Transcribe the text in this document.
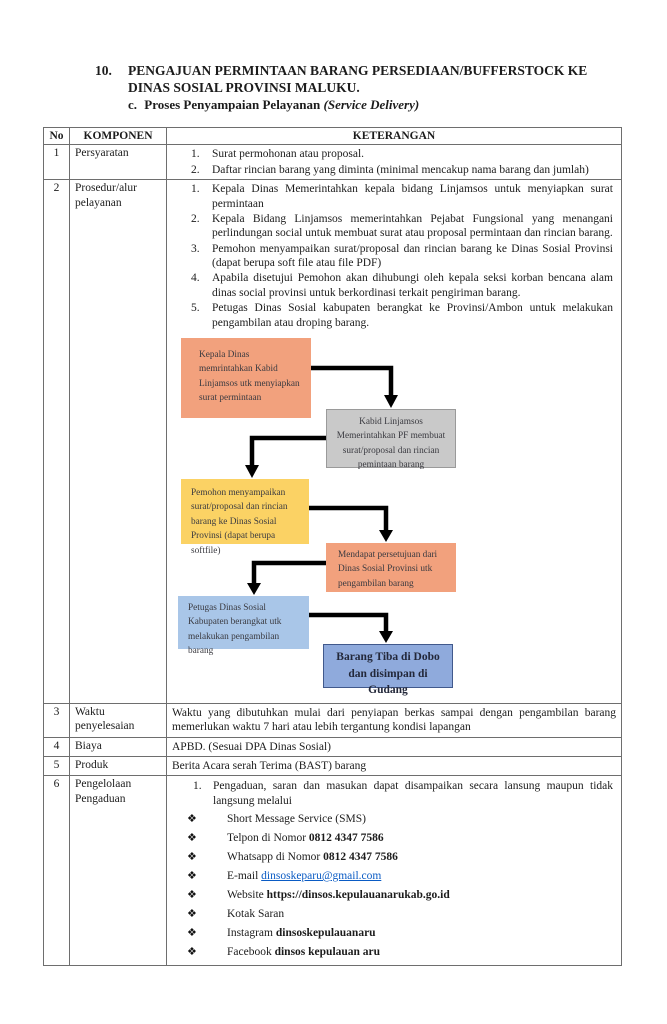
10.	PENGAJUAN PERMINTAAN BARANG PERSEDIAAN/BUFFERSTOCK KE
DINAS SOSIAL PROVINSI MALUKU.
c. Proses Penyampaian Pelayanan (Service Delivery)
No	KOMPONEN	KETERANGAN
1	Persyaratan	Surat permohonan atau proposal.
Daftar rincian barang yang diminta (minimal mencakup nama barang dan jumlah)

2	Prosedur/alur pelayanan	
Kepala Dinas Memerintahkan kepala bidang Linjamsos untuk menyiapkan surat permintaan
Kepala Bidang Linjamsos memerintahkan Pejabat Fungsional yang menangani perlindungan social untuk membuat surat atau proposal permintaan dan rincian barang.
Pemohon menyampaikan surat/proposal dan rincian barang ke Dinas Sosial Provinsi (dapat berupa soft file atau file PDF)
Apabila disetujui Pemohon akan dihubungi oleh kepala seksi korban bencana alam dinas social provinsi untuk berkordinasi terkait pengiriman barang.
Petugas Dinas Sosial kabupaten berangkat ke Provinsi/Ambon untuk melakukan pengambilan atau droping barang.
Kepala Dinas memrintahkan Kabid Linjamsos utk menyiapkan surat permintaan
Kabid Linjamsos Memerintahkan PF membuat surat/proposal dan rincian pemintaan barang
Pemohon menyampaikan surat/proposal dan rincian barang ke Dinas Sosial Provinsi (dapat berupa softfile)	Mendapat persetujuan dari Dinas Sosial Provinsi utk pengambilan barang
Petugas Dinas Sosial Kabupaten berangkat utk melakukan pengambilan barang	Barang Tiba di Dobo dan disimpan di Gudang

3	Waktu penyelesaian	Waktu yang dibutuhkan mulai dari penyiapan berkas sampai dengan pengambilan barang memerlukan waktu 7 hari atau lebih tergantung kondisi lapangan
4	Biaya	APBD. (Sesuai DPA Dinas Sosial)
5	Produk	Berita Acara serah Terima (BAST) barang
6	Pengelolaan Pengaduan	
Pengaduan, saran dan masukan dapat disampaikan secara lansung maupun tidak langsung melalui
❖	Short Message Service (SMS)
❖	Telpon di Nomor 0812 4347 7586
❖	Whatsapp di Nomor 0812 4347 7586
❖	E-mail dinsoskeparu@gmail.com
❖	Website https://dinsos.kepulauanarukab.go.id
❖	Kotak Saran
❖	Instagram dinsoskepulauanaru
❖	Facebook dinsos kepulauan aru
